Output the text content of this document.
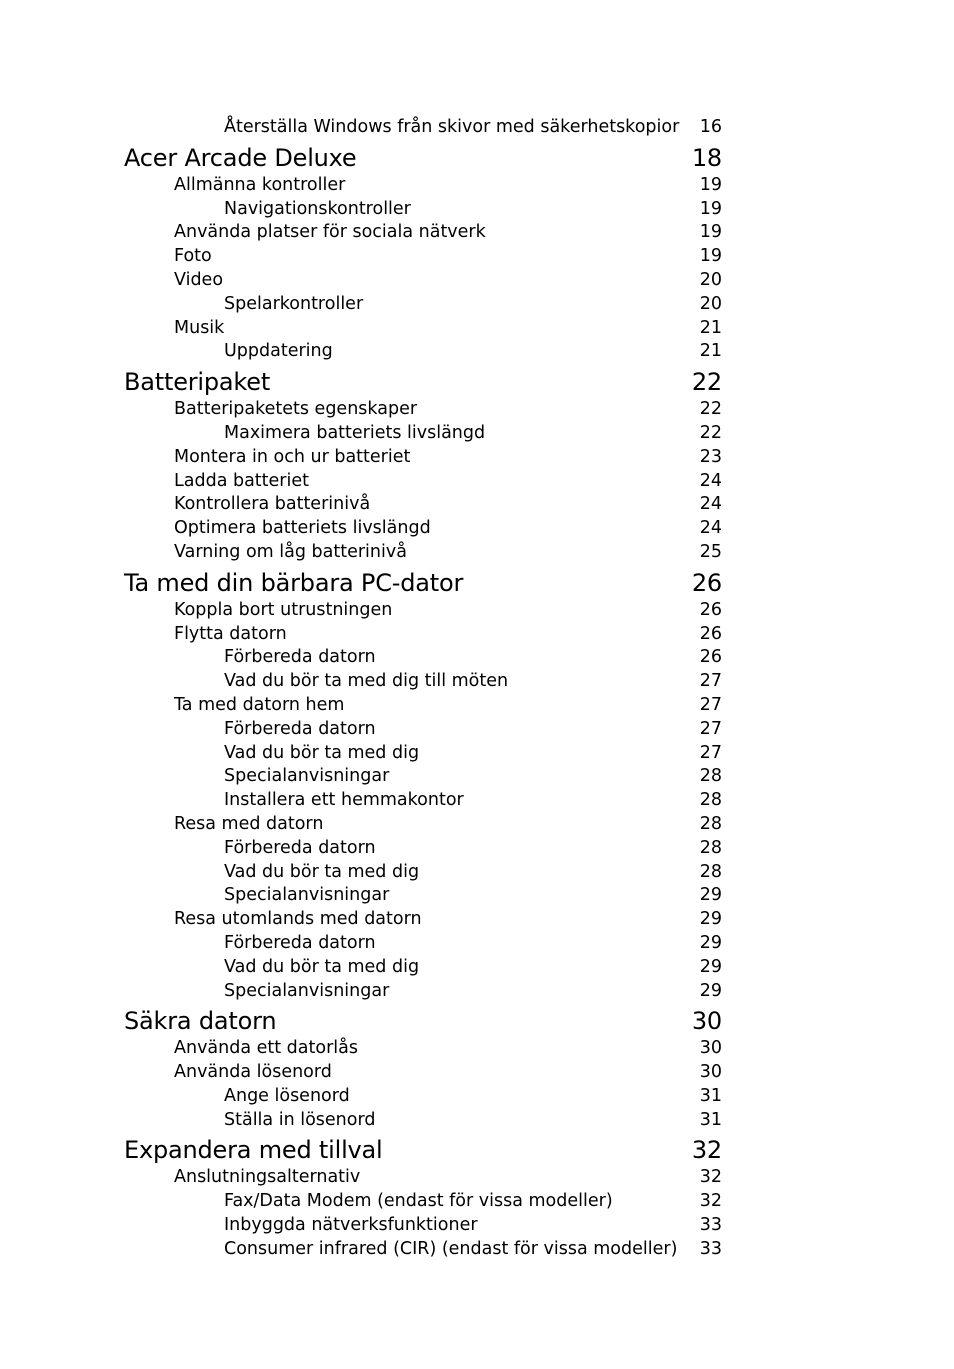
Återställa Windows från skivor med säkerhetskopior 16
Acer Arcade Deluxe	18
Allmänna kontroller	19
Navigationskontroller	19
Använda platser för sociala nätverk	19
Foto	19
Video	20
Spelarkontroller	20
Musik	21
Uppdatering	21
Batteripaket	22
Batteripaketets egenskaper	22
Maximera batteriets livslängd	22
Montera in och ur batteriet	23
Ladda batteriet	24
Kontrollera batterinivå	24
Optimera batteriets livslängd	24
Varning om låg batterinivå	25
Ta med din bärbara PC-dator	26
Koppla bort utrustningen	26
Flytta datorn	26
Förbereda datorn	26
Vad du bör ta med dig till möten	27
Ta med datorn hem	27
Förbereda datorn	27
Vad du bör ta med dig	27
Specialanvisningar	28
Installera ett hemmakontor	28
Resa med datorn	28
Förbereda datorn	28
Vad du bör ta med dig	28
Specialanvisningar	29
Resa utomlands med datorn	29
Förbereda datorn	29
Vad du bör ta med dig	29
Specialanvisningar	29
Säkra datorn	30
Använda ett datorlås	30
Använda lösenord	30
Ange lösenord	31
Ställa in lösenord	31
Expandera med tillval	32
Anslutningsalternativ	32
Fax/Data Modem (endast för vissa modeller)	32
Inbyggda nätverksfunktioner	33
Consumer infrared (CIR) (endast för vissa modeller) 33
